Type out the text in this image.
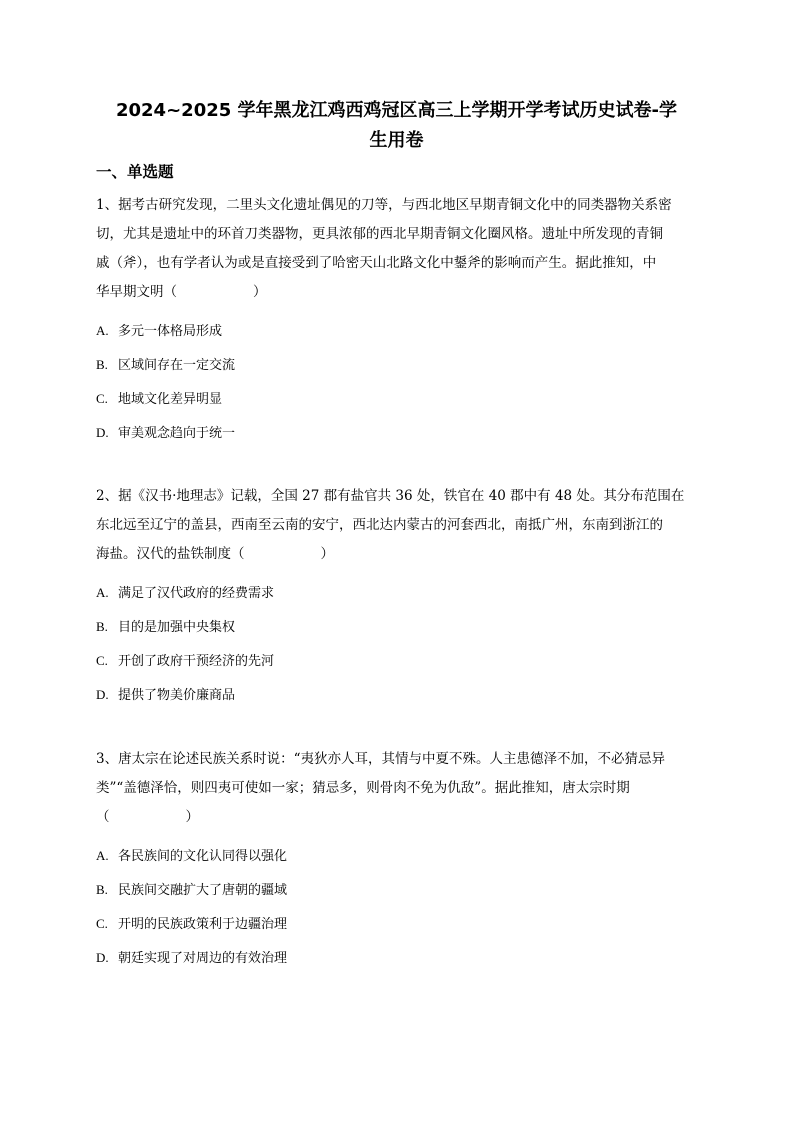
2024~2025 学年黑龙江鸡西鸡冠区高三上学期开学考试历史试卷-学
生用卷
一、单选题

1、据考古研究发现，二里头文化遗址偶见的刀等，与西北地区早期青铜文化中的同类器物关系密
切，尤其是遗址中的环首刀类器物，更具浓郁的西北早期青铜文化圈风格。遗址中所发现的青铜
戚（斧），也有学者认为或是直接受到了哈密天山北路文化中鋬斧的影响而产生。据此推知，中
华早期文明（	）

A. 多元一体格局形成
B. 区域间存在一定交流
C. 地域文化差异明显
D. 审美观念趋向于统一

2、据《汉书·地理志》记载，全国 27 郡有盐官共 36 处，铁官在 40 郡中有 48 处。其分布范围在
东北远至辽宁的盖县，西南至云南的安宁，西北达内蒙古的河套西北，南抵广州，东南到浙江的
海盐。汉代的盐铁制度（	）

A. 满足了汉代政府的经费需求
B. 目的是加强中央集权
C. 开创了政府干预经济的先河
D. 提供了物美价廉商品

3、唐太宗在论述民族关系时说：“夷狄亦人耳，其情与中夏不殊。人主患德泽不加，不必猜忌异
类”“盖德泽恰，则四夷可使如一家；猜忌多，则骨肉不免为仇敌”。据此推知，唐太宗时期
（	）

A. 各民族间的文化认同得以强化
B. 民族间交融扩大了唐朝的疆域
C. 开明的民族政策利于边疆治理
D. 朝廷实现了对周边的有效治理
